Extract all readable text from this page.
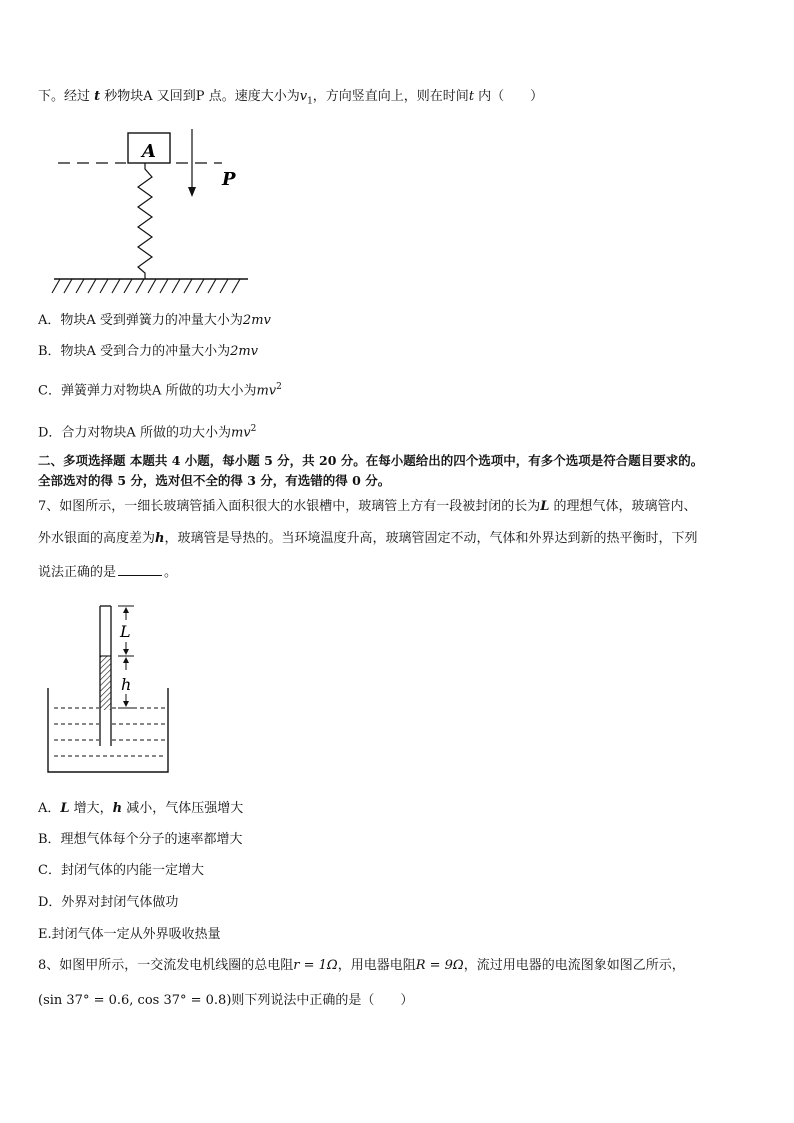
下。经过 t 秒物块A 又回到P 点。速度大小为$v_1$，方向竖直向上，则在时间t 内（　　）
A
P
A．物块A 受到弹簧力的冲量大小为2mv
B．物块A 受到合力的冲量大小为2mv
C．弹簧弹力对物块A 所做的功大小为$mv^2$
D．合力对物块A 所做的功大小为$mv^2$
二、多项选择题 本题共 4 小题，每小题 5 分，共 20 分。在每小题给出的四个选项中，有多个选项是符合题目要求的。
全部选对的得 5 分，选对但不全的得 3 分，有选错的得 0 分。
7、如图所示，一细长玻璃管插入面积很大的水银槽中，玻璃管上方有一段被封闭的长为L 的理想气体，玻璃管内、
外水银面的高度差为h，玻璃管是导热的。当环境温度升高，玻璃管固定不动，气体和外界达到新的热平衡时，下列
说法正确的是	。
L
h
A．L 增大，h 减小，气体压强增大
B．理想气体每个分子的速率都增大
C．封闭气体的内能一定增大
D．外界对封闭气体做功
E.封闭气体一定从外界吸收热量
8、如图甲所示，一交流发电机线圈的总电阻r = 1Ω，用电器电阻R = 9Ω，流过用电器的电流图象如图乙所示，
(sin 37° = 0.6, cos 37° = 0.8)则下列说法中正确的是（　　）
